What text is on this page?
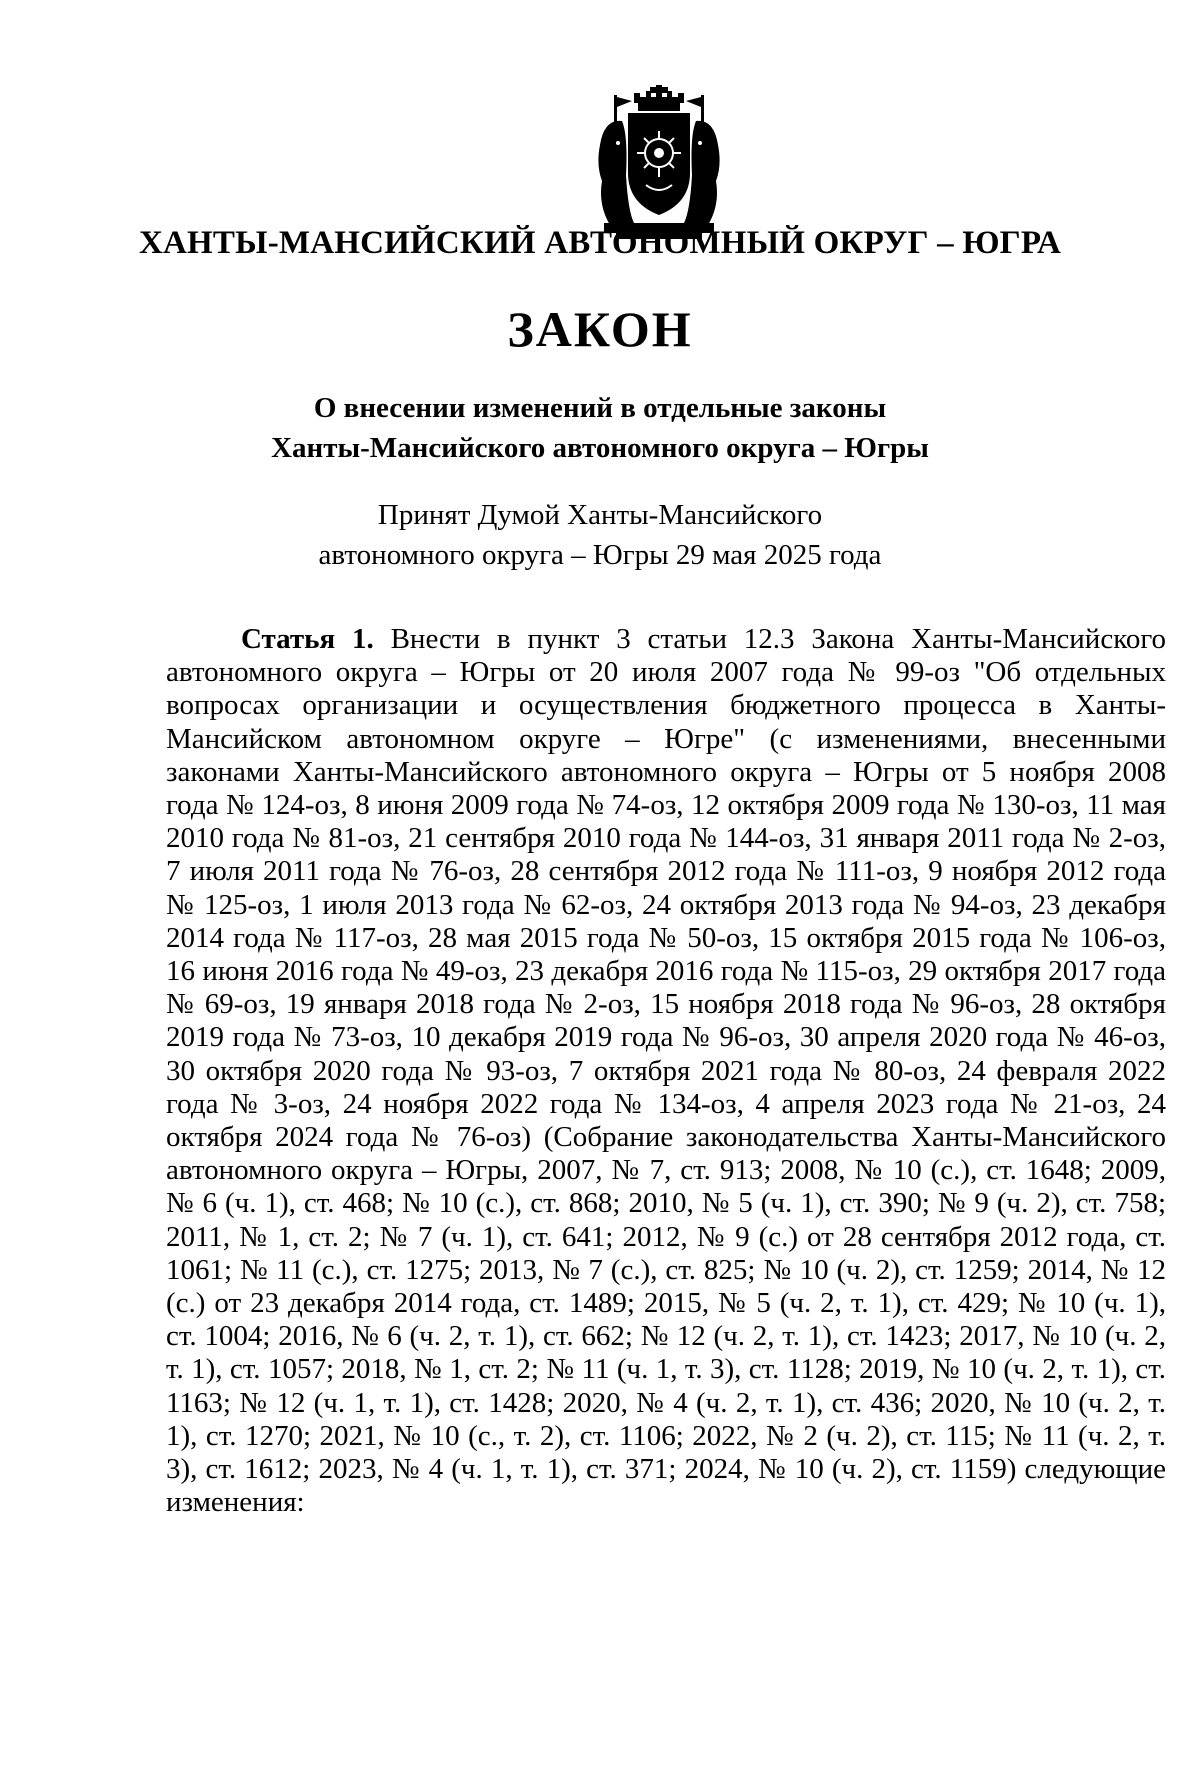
ХАНТЫ-МАНСИЙСКИЙ АВТОНОМНЫЙ ОКРУГ – ЮГРА
ЗАКОН
О внесении изменений в отдельные законы
Ханты-Мансийского автономного округа – Югры
Принят Думой Ханты-Мансийского
автономного округа – Югры 29 мая 2025 года
Статья 1. Внести в пункт 3 статьи 12.3 Закона Ханты-Мансийского автономного округа – Югры от 20 июля 2007 года № 99-оз "Об отдельных вопросах организации и осуществления бюджетного процесса в Ханты-Мансийском автономном округе – Югре" (с изменениями, внесенными законами Ханты-Мансийского автономного округа – Югры от 5 ноября 2008 года № 124-оз, 8 июня 2009 года № 74-оз, 12 октября 2009 года № 130-оз, 11 мая 2010 года № 81-оз, 21 сентября 2010 года № 144-оз, 31 января 2011 года № 2-оз, 7 июля 2011 года № 76-оз, 28 сентября 2012 года № 111-оз, 9 ноября 2012 года № 125-оз, 1 июля 2013 года № 62-оз, 24 октября 2013 года № 94-оз, 23 декабря 2014 года № 117-оз, 28 мая 2015 года № 50-оз, 15 октября 2015 года № 106-оз, 16 июня 2016 года № 49-оз, 23 декабря 2016 года № 115-оз, 29 октября 2017 года № 69-оз, 19 января 2018 года № 2-оз, 15 ноября 2018 года № 96-оз, 28 октября 2019 года № 73-оз, 10 декабря 2019 года № 96-оз, 30 апреля 2020 года № 46-оз, 30 октября 2020 года № 93-оз, 7 октября 2021 года № 80-оз, 24 февраля 2022 года № 3-оз, 24 ноября 2022 года № 134-оз, 4 апреля 2023 года № 21-оз, 24 октября 2024 года № 76-оз) (Собрание законодательства Ханты-Мансийского автономного округа – Югры, 2007, № 7, ст. 913; 2008, № 10 (с.), ст. 1648; 2009, № 6 (ч. 1), ст. 468; № 10 (с.), ст. 868; 2010, № 5 (ч. 1), ст. 390; № 9 (ч. 2), ст. 758; 2011, № 1, ст. 2; № 7 (ч. 1), ст. 641; 2012, № 9 (с.) от 28 сентября 2012 года, ст. 1061; № 11 (с.), ст. 1275; 2013, № 7 (с.), ст. 825; № 10 (ч. 2), ст. 1259; 2014, № 12 (с.) от 23 декабря 2014 года, ст. 1489; 2015, № 5 (ч. 2, т. 1), ст. 429; № 10 (ч. 1), ст. 1004; 2016, № 6 (ч. 2, т. 1), ст. 662; № 12 (ч. 2, т. 1), ст. 1423; 2017, № 10 (ч. 2, т. 1), ст. 1057; 2018, № 1, ст. 2; № 11 (ч. 1, т. 3), ст. 1128; 2019, № 10 (ч. 2, т. 1), ст. 1163; № 12 (ч. 1, т. 1), ст. 1428; 2020, № 4 (ч. 2, т. 1), ст. 436; 2020, № 10 (ч. 2, т. 1), ст. 1270; 2021, № 10 (с., т. 2), ст. 1106; 2022, № 2 (ч. 2), ст. 115; № 11 (ч. 2, т. 3), ст. 1612; 2023, № 4 (ч. 1, т. 1), ст. 371; 2024, № 10 (ч. 2), ст. 1159) следующие изменения:
